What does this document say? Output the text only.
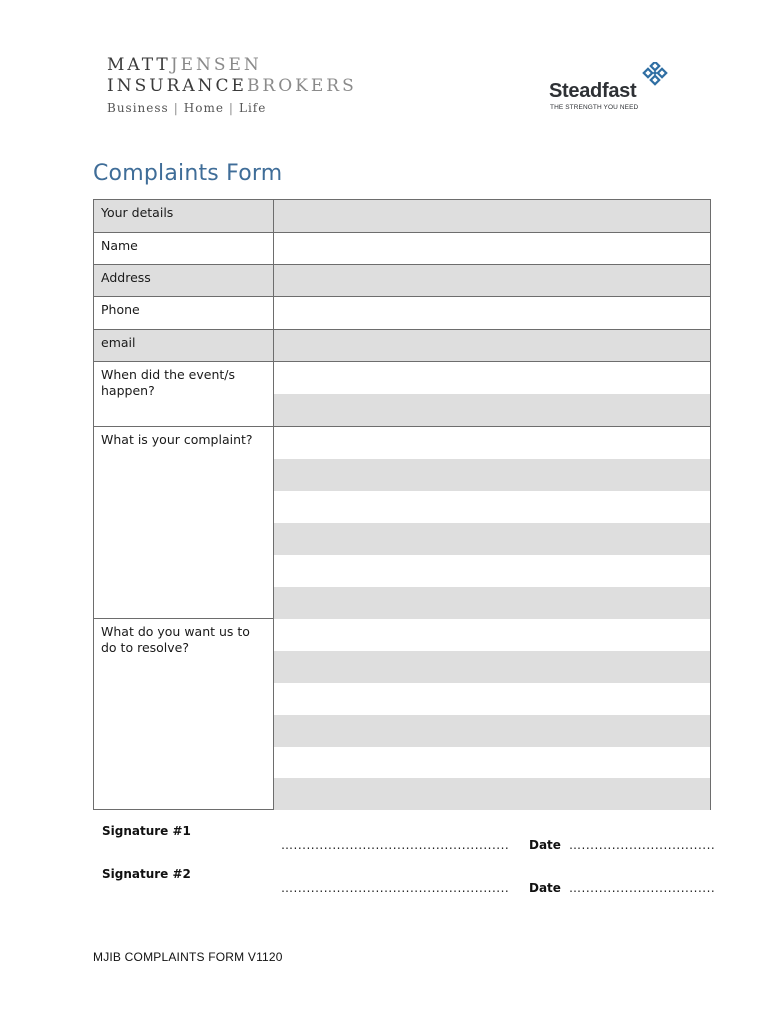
MATTJENSEN
INSURANCEBROKERS
Business | Home | Life
Steadfast
THE STRENGTH YOU NEED
Complaints Form
Your details
Name
Address
Phone
email
When did the event/s happen?
What is your complaint?
What do you want us to do to resolve?
Signature #1
….................................................. Date …...............................
Signature #2
….................................................. Date …...............................
MJIB COMPLAINTS FORM V1120
